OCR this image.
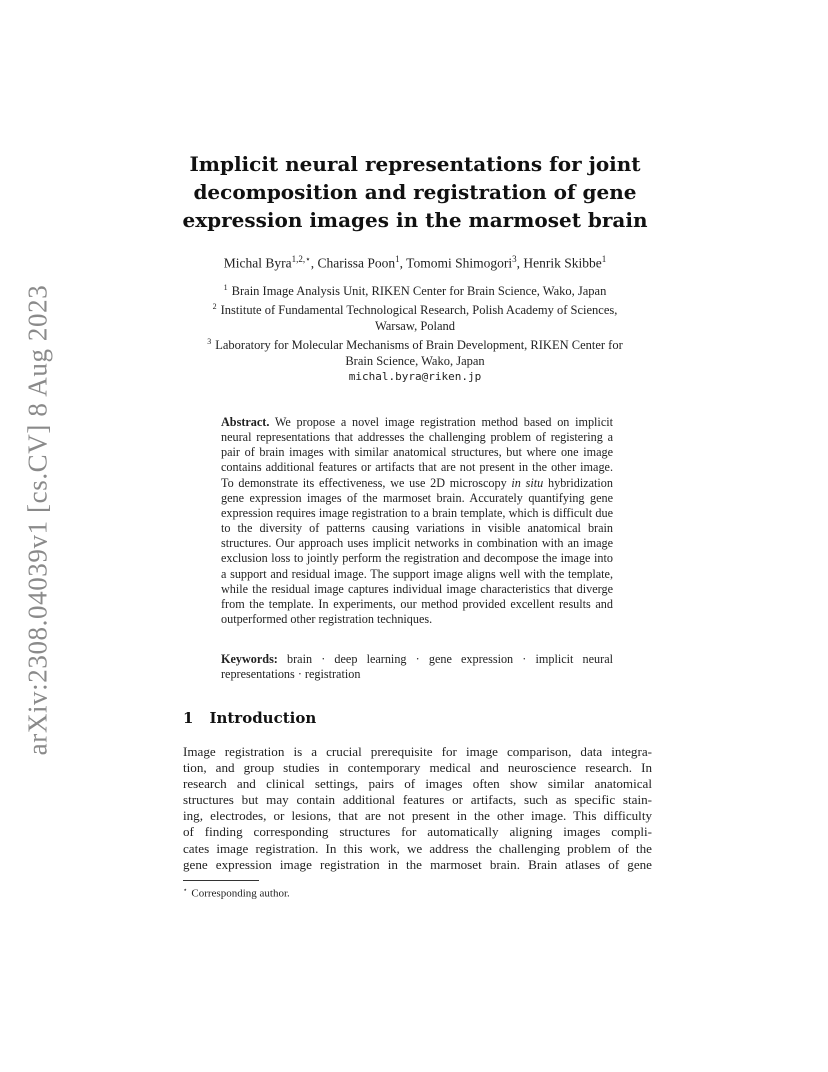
arXiv:2308.04039v1 [cs.CV] 8 Aug 2023
Implicit neural representations for joint
decomposition and registration of gene
expression images in the marmoset brain
Michal Byra$^{1,2,⋆}$, Charissa Poon$^1$, Tomomi Shimogori$^3$, Henrik Skibbe$^1$
$^1$ Brain Image Analysis Unit, RIKEN Center for Brain Science, Wako, Japan
$^2$ Institute of Fundamental Technological Research, Polish Academy of Sciences,
Warsaw, Poland
$^3$ Laboratory for Molecular Mechanisms of Brain Development, RIKEN Center for
Brain Science, Wako, Japan
michal.byra@riken.jp
Abstract. We propose a novel image registration method based on implicit neural representations that addresses the challenging problem of registering a pair of brain images with similar anatomical structures, but where one image contains additional features or artifacts that are not present in the other image. To demonstrate its effectiveness, we use 2D microscopy in situ hybridization gene expression images of the marmoset brain. Accurately quantifying gene expression requires image registration to a brain template, which is difficult due to the diversity of patterns causing variations in visible anatomical brain structures. Our approach uses implicit networks in combination with an image exclusion loss to jointly perform the registration and decompose the image into a support and residual image. The support image aligns well with the template, while the residual image captures individual image characteristics that diverge from the template. In experiments, our method provided excellent results and outperformed other registration techniques.
Keywords: brain · deep learning · gene expression · implicit neural representations · registration
1 Introduction
Image registration is a crucial prerequisite for image comparison, data integra-
tion, and group studies in contemporary medical and neuroscience research. In
research and clinical settings, pairs of images often show similar anatomical
structures but may contain additional features or artifacts, such as specific stain-
ing, electrodes, or lesions, that are not present in the other image. This difficulty
of finding corresponding structures for automatically aligning images compli-
cates image registration. In this work, we address the challenging problem of the
gene expression image registration in the marmoset brain. Brain atlases of gene
⋆ Corresponding author.
